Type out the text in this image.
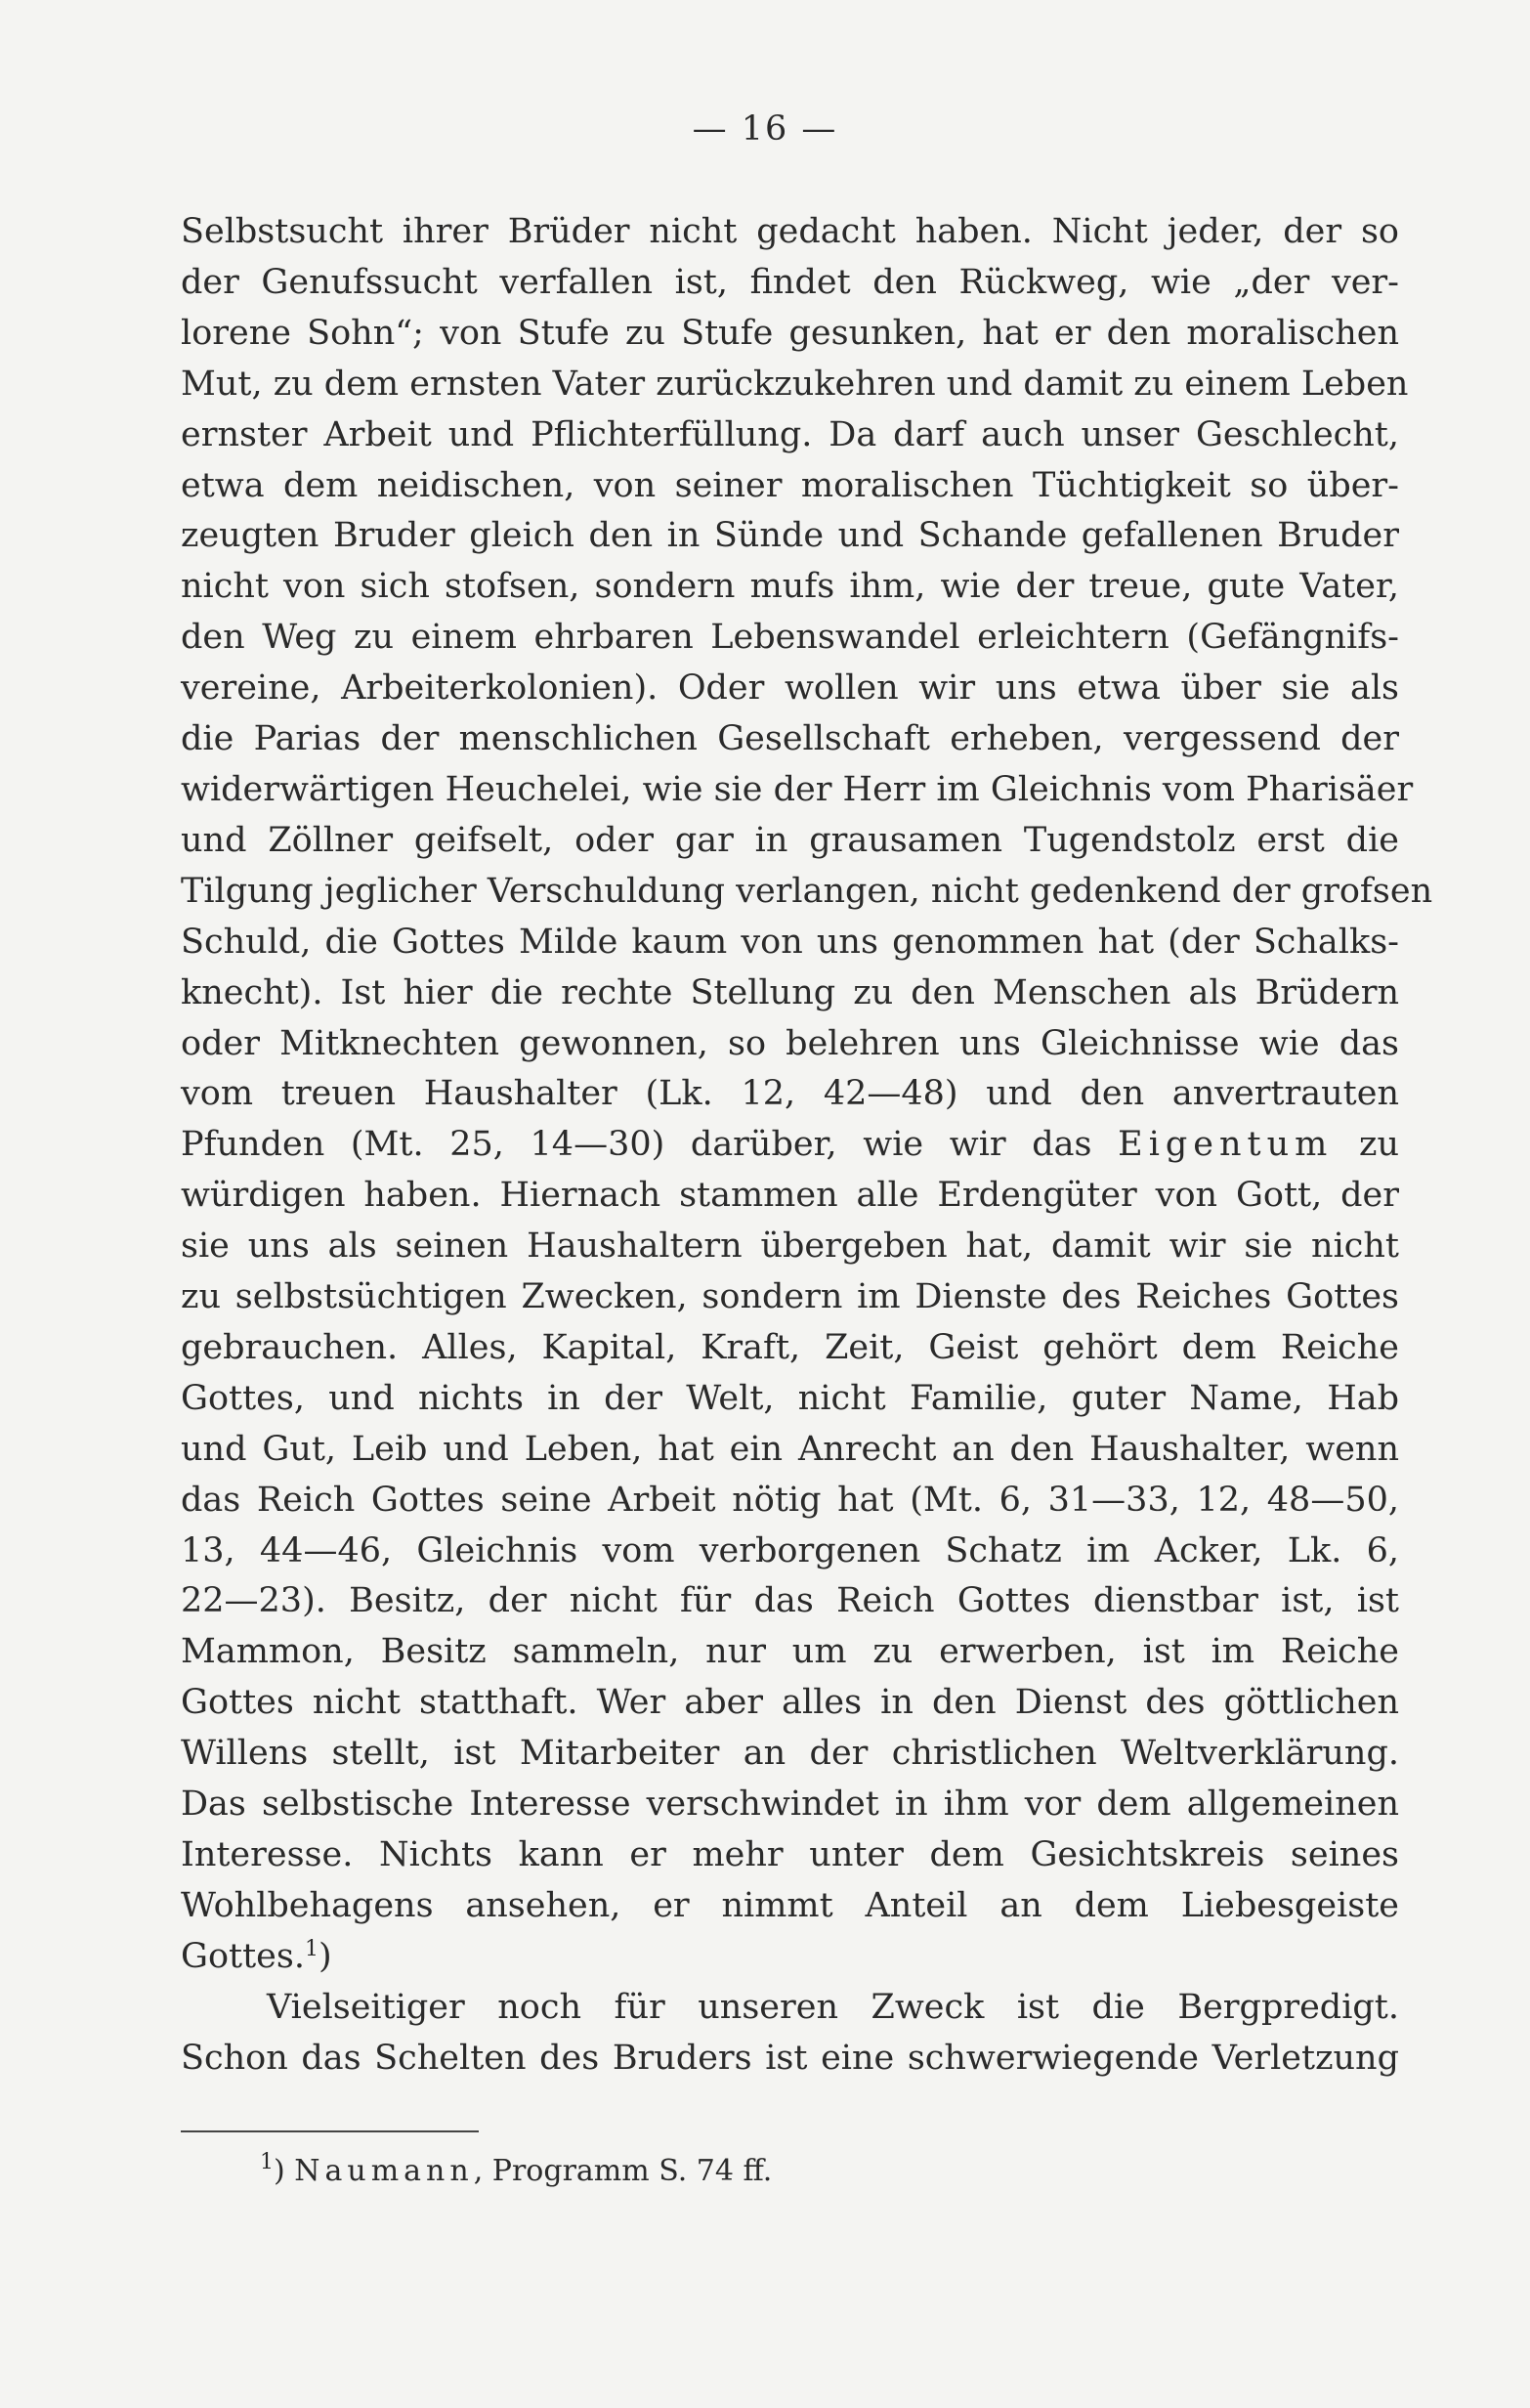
— 16 —
Selbstsucht ihrer Brüder nicht gedacht haben. Nicht jeder, der so
der Genufssucht verfallen ist, findet den Rückweg, wie „der ver-
lorene Sohn“; von Stufe zu Stufe gesunken, hat er den moralischen
Mut, zu dem ernsten Vater zurückzukehren und damit zu einem Leben
ernster Arbeit und Pflichterfüllung. Da darf auch unser Geschlecht,
etwa dem neidischen, von seiner moralischen Tüchtigkeit so über-
zeugten Bruder gleich den in Sünde und Schande gefallenen Bruder
nicht von sich stofsen, sondern mufs ihm, wie der treue, gute Vater,
den Weg zu einem ehrbaren Lebenswandel erleichtern (Gefängnifs-
vereine, Arbeiterkolonien). Oder wollen wir uns etwa über sie als
die Parias der menschlichen Gesellschaft erheben, vergessend der
widerwärtigen Heuchelei, wie sie der Herr im Gleichnis vom Pharisäer
und Zöllner geifselt, oder gar in grausamen Tugendstolz erst die
Tilgung jeglicher Verschuldung verlangen, nicht gedenkend der grofsen
Schuld, die Gottes Milde kaum von uns genommen hat (der Schalks-
knecht). Ist hier die rechte Stellung zu den Menschen als Brüdern
oder Mitknechten gewonnen, so belehren uns Gleichnisse wie das
vom treuen Haushalter (Lk. 12, 42—48) und den anvertrauten
Pfunden (Mt. 25, 14—30) darüber, wie wir das Eigentum zu
würdigen haben. Hiernach stammen alle Erdengüter von Gott, der
sie uns als seinen Haushaltern übergeben hat, damit wir sie nicht
zu selbstsüchtigen Zwecken, sondern im Dienste des Reiches Gottes
gebrauchen. Alles, Kapital, Kraft, Zeit, Geist gehört dem Reiche
Gottes, und nichts in der Welt, nicht Familie, guter Name, Hab
und Gut, Leib und Leben, hat ein Anrecht an den Haushalter, wenn
das Reich Gottes seine Arbeit nötig hat (Mt. 6, 31—33, 12, 48—50,
13, 44—46, Gleichnis vom verborgenen Schatz im Acker, Lk. 6,
22—23). Besitz, der nicht für das Reich Gottes dienstbar ist, ist
Mammon, Besitz sammeln, nur um zu erwerben, ist im Reiche
Gottes nicht statthaft. Wer aber alles in den Dienst des göttlichen
Willens stellt, ist Mitarbeiter an der christlichen Weltverklärung.
Das selbstische Interesse verschwindet in ihm vor dem allgemeinen
Interesse. Nichts kann er mehr unter dem Gesichtskreis seines
Wohlbehagens ansehen, er nimmt Anteil an dem Liebesgeiste
Gottes.$^1$)
Vielseitiger noch für unseren Zweck ist die Bergpredigt.
Schon das Schelten des Bruders ist eine schwerwiegende Verletzung
$^1$) Naumann, Programm S. 74 ff.
